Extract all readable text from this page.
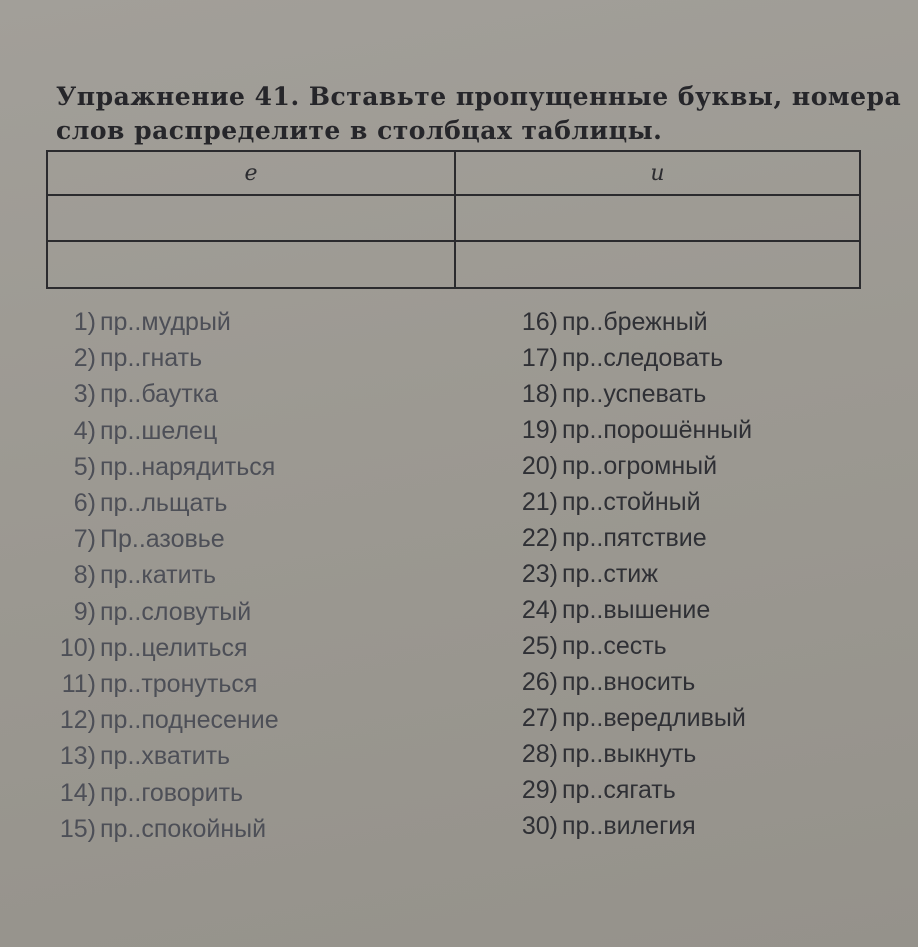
Упражнение 41. Вставьте пропущенные буквы, номера
слов распределите в столбцах таблицы.
е	и
1) пр..мудрый
2) пр..гнать
3) пр..баутка
4) пр..шелец
5) пр..нарядиться
6) пр..льщать
7) Пр..азовье
8) пр..катить
9) пр..словутый
10) пр..целиться
11) пр..тронуться
12) пр..поднесение
13) пр..хватить
14) пр..говорить
15) пр..спокойный
16) пр..брежный
17) пр..следовать
18) пр..успевать
19) пр..порошённый
20) пр..огромный
21) пр..стойный
22) пр..пятствие
23) пр..стиж
24) пр..вышение
25) пр..сесть
26) пр..вносить
27) пр..вередливый
28) пр..выкнуть
29) пр..сягать
30) пр..вилегия
